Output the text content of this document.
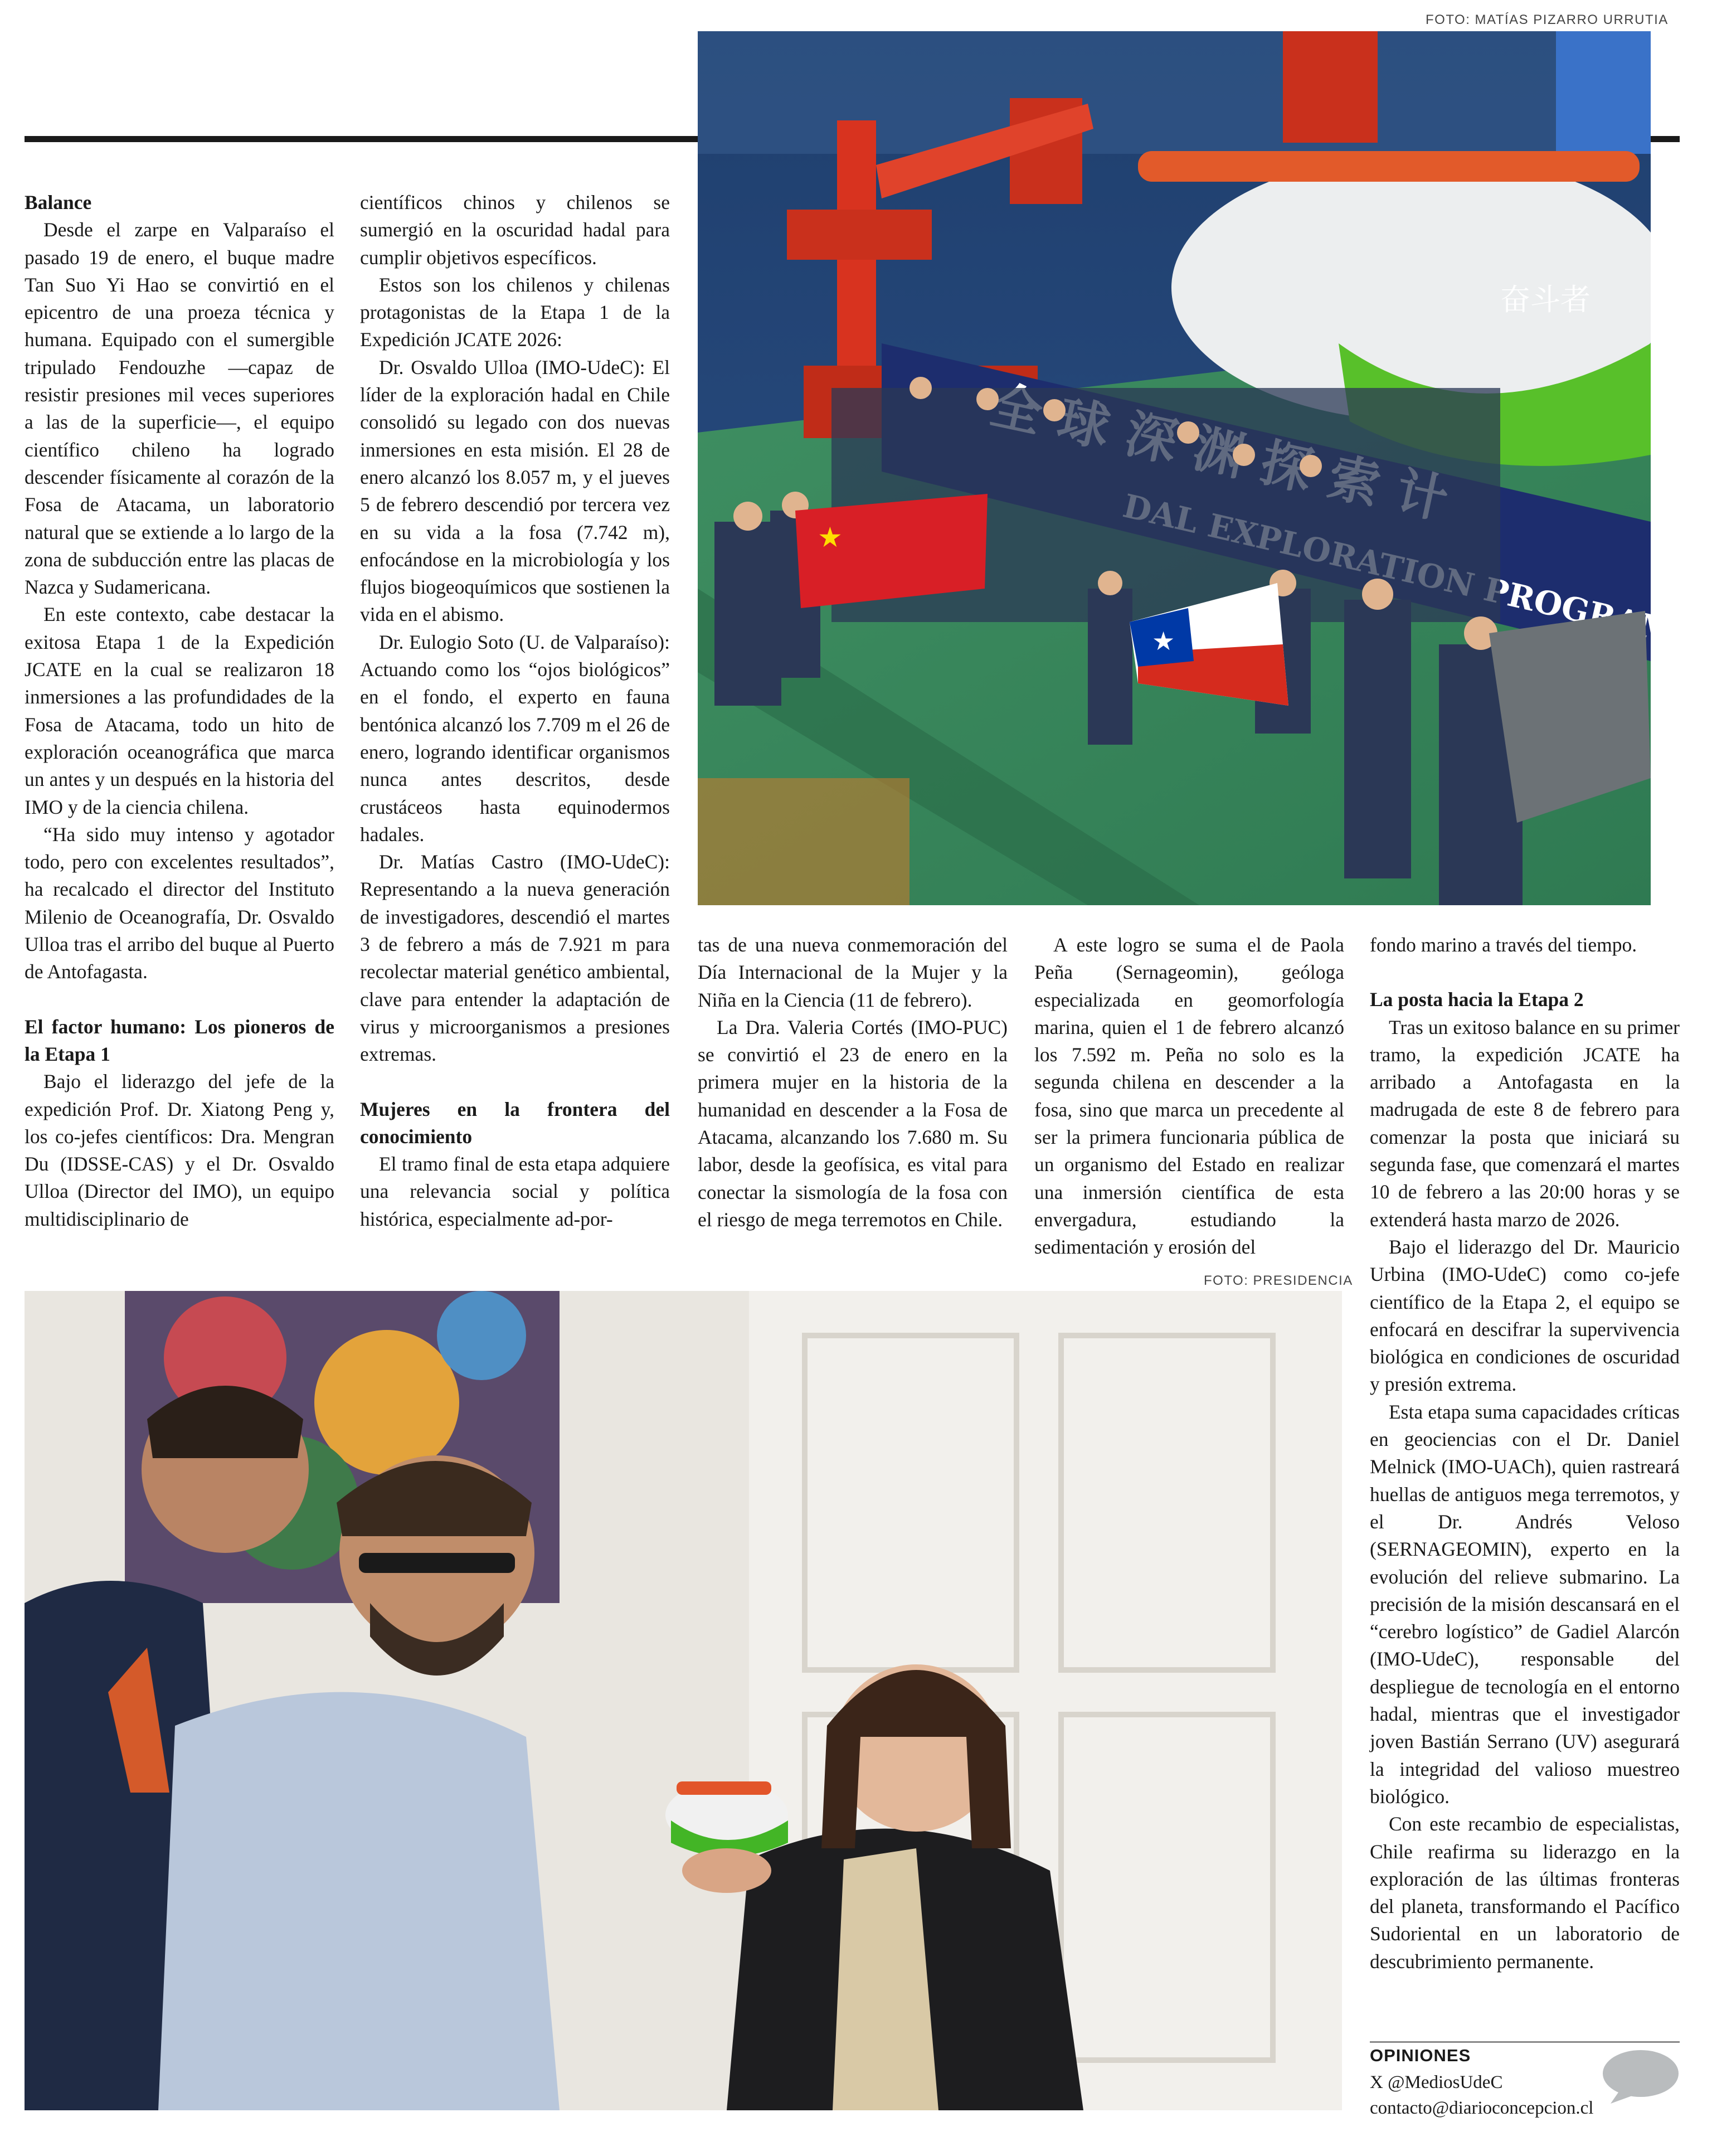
FOTO: MATÍAS PIZARRO URRUTIA
奋斗者
PROGRAMME
★
★

Balance

Desde el zarpe en Valparaíso el pasado 19 de enero, el buque madre Tan Suo Yi Hao se convirtió en el epicentro de una proeza técnica y humana. Equipado con el sumergible tripulado Fendouzhe —capaz de resistir presiones mil veces superiores a las de la superficie—, el equipo científico chileno ha logrado descender físicamente al corazón de la Fosa de Atacama, un laboratorio natural que se extiende a lo largo de la zona de subducción entre las placas de Nazca y Sudamericana.

En este contexto, cabe destacar la exitosa Etapa 1 de la Expedición JCATE en la cual se realizaron 18 inmersiones a las profundidades de la Fosa de Atacama, todo un hito de exploración oceanográfica que marca un antes y un después en la historia del IMO y de la ciencia chilena.

“Ha sido muy intenso y agotador todo, pero con excelentes resultados”, ha recalcado el director del Instituto Milenio de Oceanografía, Dr. Osvaldo Ulloa tras el arribo del buque al Puerto de Antofagasta.

El factor humano: Los pioneros de la Etapa 1

Bajo el liderazgo del jefe de la expedición Prof. Dr. Xiatong Peng y, los co-jefes científicos: Dra. Mengran Du (IDSSE-CAS) y el Dr. Osvaldo Ulloa (Director del IMO), un equipo multidisciplinario de

científicos chinos y chilenos se sumergió en la oscuridad hadal para cumplir objetivos específicos.

Estos son los chilenos y chilenas protagonistas de la Etapa 1 de la Expedición JCATE 2026:

Dr. Osvaldo Ulloa (IMO-UdeC): El líder de la exploración hadal en Chile consolidó su legado con dos nuevas inmersiones en esta misión. El 28 de enero alcanzó los 8.057 m, y el jueves 5 de febrero descendió por tercera vez en su vida a la fosa (7.742 m), enfocándose en la microbiología y los flujos biogeoquímicos que sostienen la vida en el abismo.

Dr. Eulogio Soto (U. de Valparaíso): Actuando como los “ojos biológicos” en el fondo, el experto en fauna bentónica alcanzó los 7.709 m el 26 de enero, logrando identificar organismos nunca antes descritos, desde crustáceos hasta equinodermos hadales.

Dr. Matías Castro (IMO-UdeC): Representando a la nueva generación de investigadores, descendió el martes 3 de febrero a más de 7.921 m para recolectar material genético ambiental, clave para entender la adaptación de virus y microorganismos a presiones extremas.

Mujeres en la frontera del conocimiento

El tramo final de esta etapa adquiere una relevancia social y política histórica, especialmente ad-por-

tas de una nueva conmemoración del Día Internacional de la Mujer y la Niña en la Ciencia (11 de febrero).

La Dra. Valeria Cortés (IMO-PUC) se convirtió el 23 de enero en la primera mujer en la historia de la humanidad en descender a la Fosa de Atacama, alcanzando los 7.680 m. Su labor, desde la geofísica, es vital para conectar la sismología de la fosa con el riesgo de mega terremotos en Chile.

A este logro se suma el de Paola Peña (Sernageomin), geóloga especializada en geomorfología marina, quien el 1 de febrero alcanzó los 7.592 m. Peña no solo es la segunda chilena en descender a la fosa, sino que marca un precedente al ser la primera funcionaria pública de un organismo del Estado en realizar una inmersión científica de esta envergadura, estudiando la sedimentación y erosión del

FOTO: PRESIDENCIA

fondo marino a través del tiempo.

La posta hacia la Etapa 2

Tras un exitoso balance en su primer tramo, la expedición JCATE ha arribado a Antofagasta en la madrugada de este 8 de febrero para comenzar la posta que iniciará su segunda fase, que comenzará el martes 10 de febrero a las 20:00 horas y se extenderá hasta marzo de 2026.

Bajo el liderazgo del Dr. Mauricio Urbina (IMO-UdeC) como co-jefe científico de la Etapa 2, el equipo se enfocará en descifrar la supervivencia biológica en condiciones de oscuridad y presión extrema.

Esta etapa suma capacidades críticas en geociencias con el Dr. Daniel Melnick (IMO-UACh), quien rastreará huellas de antiguos mega terremotos, y el Dr. Andrés Veloso (SERNAGEOMIN), experto en la evolución del relieve submarino. La precisión de la misión descansará en el “cerebro logístico” de Gadiel Alarcón (IMO-UdeC), responsable del despliegue de tecnología en el entorno hadal, mientras que el investigador joven Bastián Serrano (UV) asegurará la integridad del valioso muestreo biológico.

Con este recambio de especialistas, Chile reafirma su liderazgo en la exploración de las últimas fronteras del planeta, transformando el Pacífico Sudoriental en un laboratorio de descubrimiento permanente.

OPINIONES
X @MediosUdeC
contacto@diarioconcepcion.cl
